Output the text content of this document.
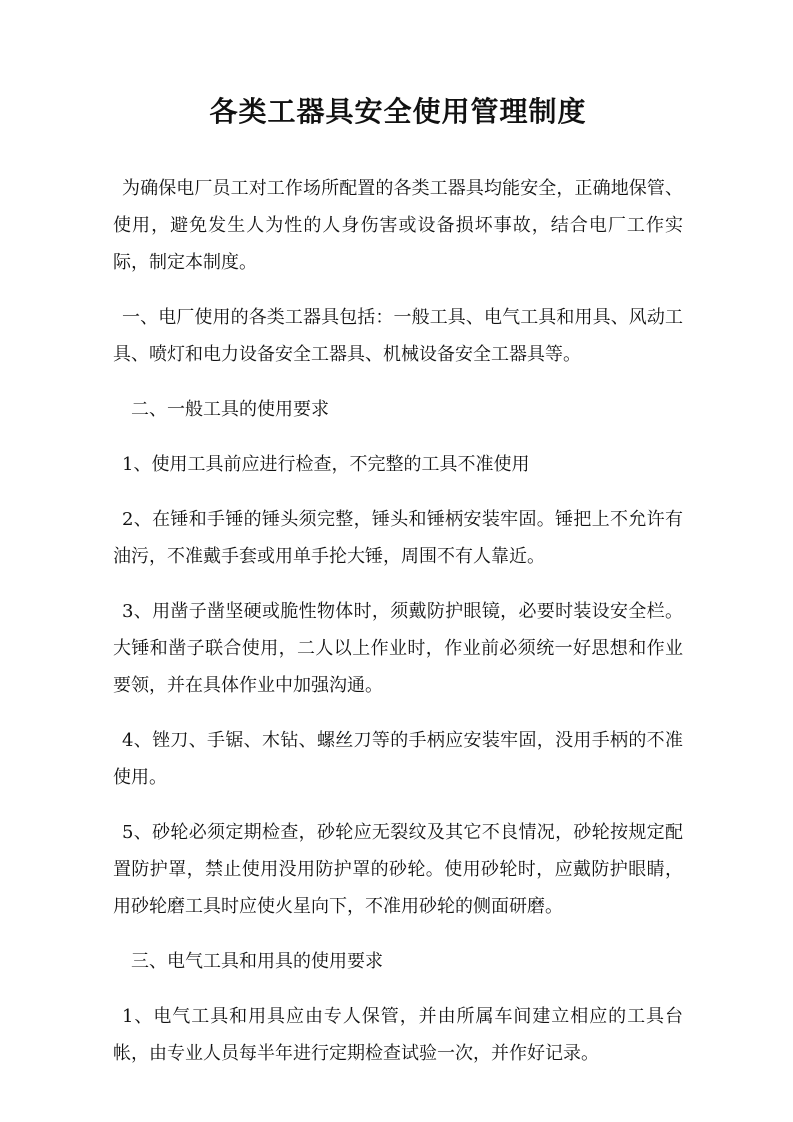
各类工器具安全使用管理制度

为确保电厂员工对工作场所配置的各类工器具均能安全，正确地保管、使用，避免发生人为性的人身伤害或设备损坏事故，结合电厂工作实际，制定本制度。

一、电厂使用的各类工器具包括：一般工具、电气工具和用具、风动工具、喷灯和电力设备安全工器具、机械设备安全工器具等。

二、一般工具的使用要求

1、使用工具前应进行检查，不完整的工具不准使用

2、在锤和手锤的锤头须完整，锤头和锤柄安装牢固。锤把上不允许有油污，不准戴手套或用单手抡大锤，周围不有人靠近。

3、用凿子凿坚硬或脆性物体时，须戴防护眼镜，必要时装设安全栏。大锤和凿子联合使用，二人以上作业时，作业前必须统一好思想和作业要领，并在具体作业中加强沟通。

4、锉刀、手锯、木钻、螺丝刀等的手柄应安装牢固，没用手柄的不准使用。

5、砂轮必须定期检查，砂轮应无裂纹及其它不良情况，砂轮按规定配置防护罩，禁止使用没用防护罩的砂轮。使用砂轮时，应戴防护眼睛，用砂轮磨工具时应使火星向下，不准用砂轮的侧面研磨。

三、电气工具和用具的使用要求

1、电气工具和用具应由专人保管，并由所属车间建立相应的工具台帐，由专业人员每半年进行定期检查试验一次，并作好记录。
